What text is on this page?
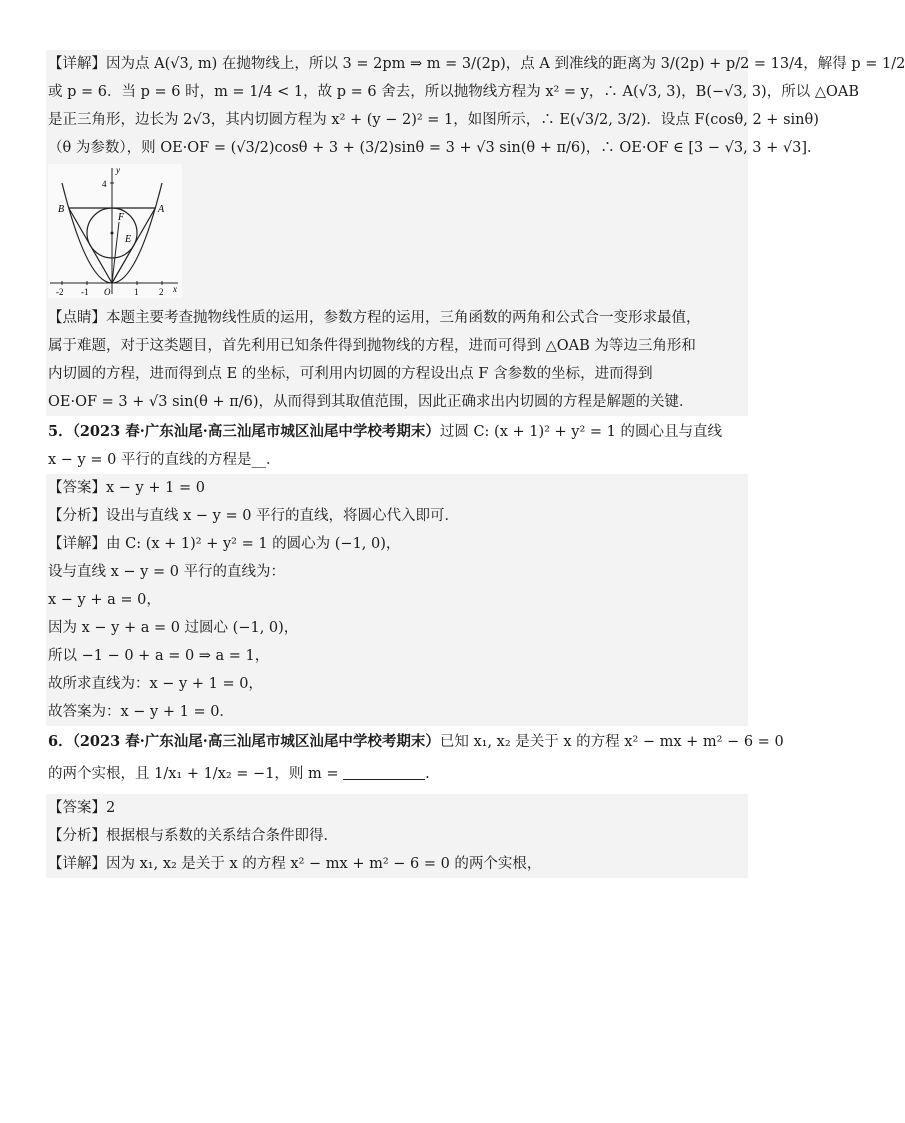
【详解】因为点 A(√3, m) 在抛物线上，所以 3 = 2pm ⇒ m = 3/(2p)，点 A 到准线的距离为 3/(2p) + p/2 = 13/4，解得 p = 1/2
或 p = 6．当 p = 6 时，m = 1/4 < 1，故 p = 6 舍去，所以抛物线方程为 x² = y，∴ A(√3, 3)，B(−√3, 3)，所以 △OAB
是正三角形，边长为 2√3，其内切圆方程为 x² + (y − 2)² = 1，如图所示，∴ E(√3/2, 3/2)．设点 F(cosθ, 2 + sinθ)
（θ 为参数），则 OE·OF = (√3/2)cosθ + 3 + (3/2)sinθ = 3 + √3 sin(θ + π/6)，∴ OE·OF ∈ [3 − √3, 3 + √3]．
B	A
F
E
4
y
x
-2 -1 O	1 2
【点睛】本题主要考查抛物线性质的运用，参数方程的运用，三角函数的两角和公式合一变形求最值，
属于难题，对于这类题目，首先利用已知条件得到抛物线的方程，进而可得到 △OAB 为等边三角形和
内切圆的方程，进而得到点 E 的坐标，可利用内切圆的方程设出点 F 含参数的坐标，进而得到
OE·OF = 3 + √3 sin(θ + π/6)，从而得到其取值范围，因此正确求出内切圆的方程是解题的关键．
5．（2023 春·广东汕尾·高三汕尾市城区汕尾中学校考期末）过圆 C: (x + 1)² + y² = 1 的圆心且与直线
x − y = 0 平行的直线的方程是__．
【答案】x − y + 1 = 0
【分析】设出与直线 x − y = 0 平行的直线，将圆心代入即可．
【详解】由 C: (x + 1)² + y² = 1 的圆心为 (−1, 0)，
设与直线 x − y = 0 平行的直线为：
x − y + a = 0，
因为 x − y + a = 0 过圆心 (−1, 0)，
所以 −1 − 0 + a = 0 ⇒ a = 1，
故所求直线为：x − y + 1 = 0，
故答案为：x − y + 1 = 0．
6．（2023 春·广东汕尾·高三汕尾市城区汕尾中学校考期末）已知 x₁, x₂ 是关于 x 的方程 x² − mx + m² − 6 = 0
的两个实根，且 1/x₁ + 1/x₂ = −1，则 m =	.
【答案】2
【分析】根据根与系数的关系结合条件即得．
【详解】因为 x₁, x₂ 是关于 x 的方程 x² − mx + m² − 6 = 0 的两个实根，
